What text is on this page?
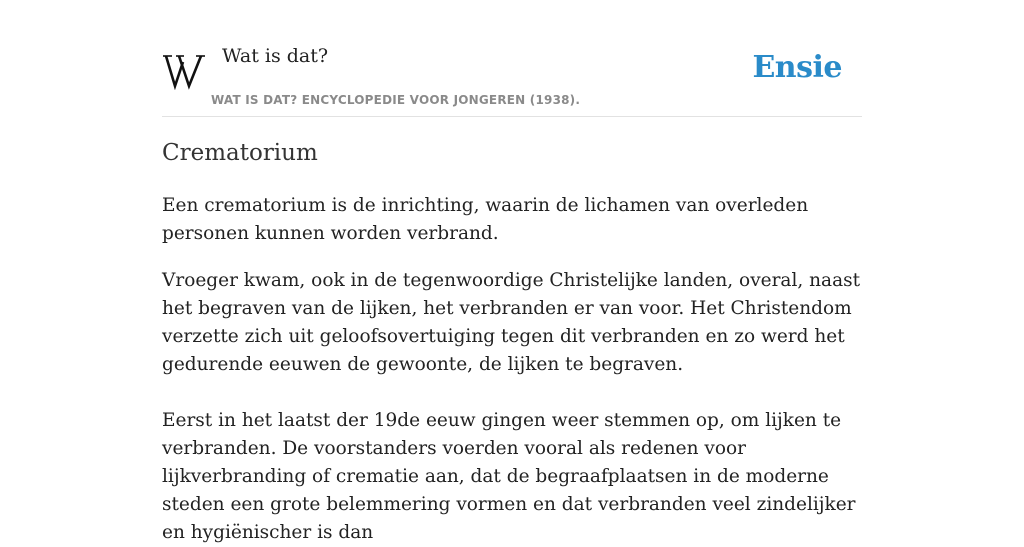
Wat is dat?
WAT IS DAT? ENCYCLOPEDIE VOOR JONGEREN (1938).
Ensie
Crematorium

Een crematorium is de inrichting, waarin de lichamen van overleden personen kunnen worden verbrand.

Vroeger kwam, ook in de tegenwoordige Christelijke landen, overal, naast het begraven van de lijken, het verbranden er van voor. Het Christendom verzette zich uit geloofsovertuiging tegen dit verbranden en zo werd het gedurende eeuwen de gewoonte, de lijken te begraven.

Eerst in het laatst der 19de eeuw gingen weer stemmen op, om lijken te verbranden. De voorstanders voerden vooral als redenen voor lijkverbranding of crematie aan, dat de begraafplaatsen in de moderne steden een grote belemmering vormen en dat verbranden veel zindelijker en hygiënischer is dan
